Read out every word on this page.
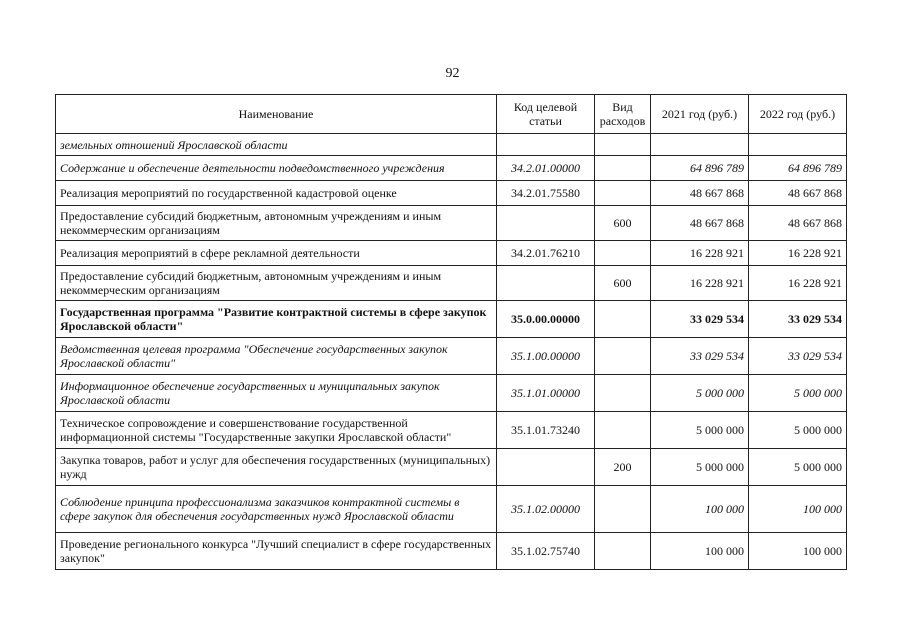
92
Наименование	Код целевой статьи	Вид расходов	2021 год (руб.)	2022 год (руб.)
земельных отношений Ярославской области				
Содержание и обеспечение деятельности подведомственного учреждения	34.2.01.00000		64 896 789	64 896 789
Реализация мероприятий по государственной кадастровой оценке	34.2.01.75580		48 667 868	48 667 868
Предоставление субсидий бюджетным, автономным учреждениям и иным некоммерческим организациям		600	48 667 868	48 667 868
Реализация мероприятий в сфере рекламной деятельности	34.2.01.76210		16 228 921	16 228 921
Предоставление субсидий бюджетным, автономным учреждениям и иным некоммерческим организациям		600	16 228 921	16 228 921
Государственная программа "Развитие контрактной системы в сфере закупок Ярославской области"	35.0.00.00000		33 029 534	33 029 534
Ведомственная целевая программа "Обеспечение государственных закупок Ярославской области"	35.1.00.00000		33 029 534	33 029 534
Информационное обеспечение государственных и муниципальных закупок Ярославской области	35.1.01.00000		5 000 000	5 000 000
Техническое сопровождение и совершенствование государственной информационной системы "Государственные закупки Ярославской области"	35.1.01.73240		5 000 000	5 000 000
Закупка товаров, работ и услуг для обеспечения государственных (муниципальных) нужд		200	5 000 000	5 000 000
Соблюдение принципа профессионализма заказчиков контрактной системы в сфере закупок для обеспечения государственных нужд Ярославской области	35.1.02.00000		100 000	100 000
Проведение регионального конкурса "Лучший специалист в сфере государственных закупок"	35.1.02.75740		100 000	100 000
